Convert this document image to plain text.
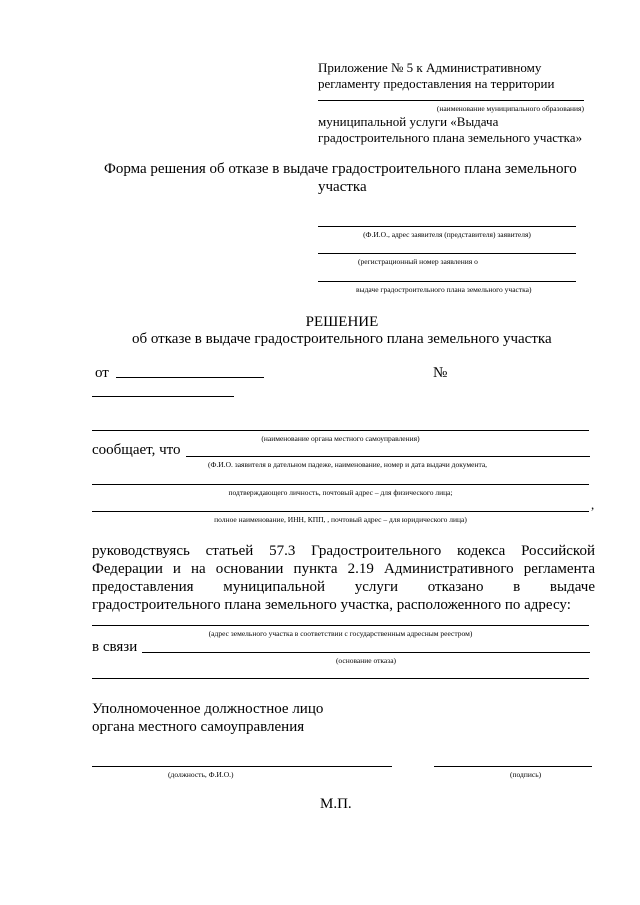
Приложение № 5 к Административному
регламенту предоставления на территории
(наименование муниципального образования)
муниципальной услуги «Выдача
градостроительного плана земельного участка»
Форма решения об отказе в выдаче градостроительного плана земельного
участка
(Ф.И.О., адрес заявителя (представителя) заявителя)
(регистрационный номер заявления о
выдаче градостроительного плана земельного участка)
РЕШЕНИЕ
об отказе в выдаче градостроительного плана земельного участка
от	№
(наименование органа местного самоуправления)
сообщает, что
(Ф.И.О. заявителя в дательном падеже, наименование, номер и дата выдачи документа,
подтверждающего личность, почтовый адрес – для физического лица;
,
полное наименование, ИНН, КПП, , почтовый адрес – для юридического лица)
руководствуясь статьей 57.3 Градостроительного кодекса Российской
Федерации и на основании пункта 2.19 Административного регламента
предоставления муниципальной услуги отказано в выдаче
градостроительного плана земельного участка, расположенного по адресу:
(адрес земельного участка в соответствии с государственным адресным реестром)
в связи
(основание отказа)
Уполномоченное должностное лицо
органа местного самоуправления
(должность, Ф.И.О.)	(подпись)
М.П.
